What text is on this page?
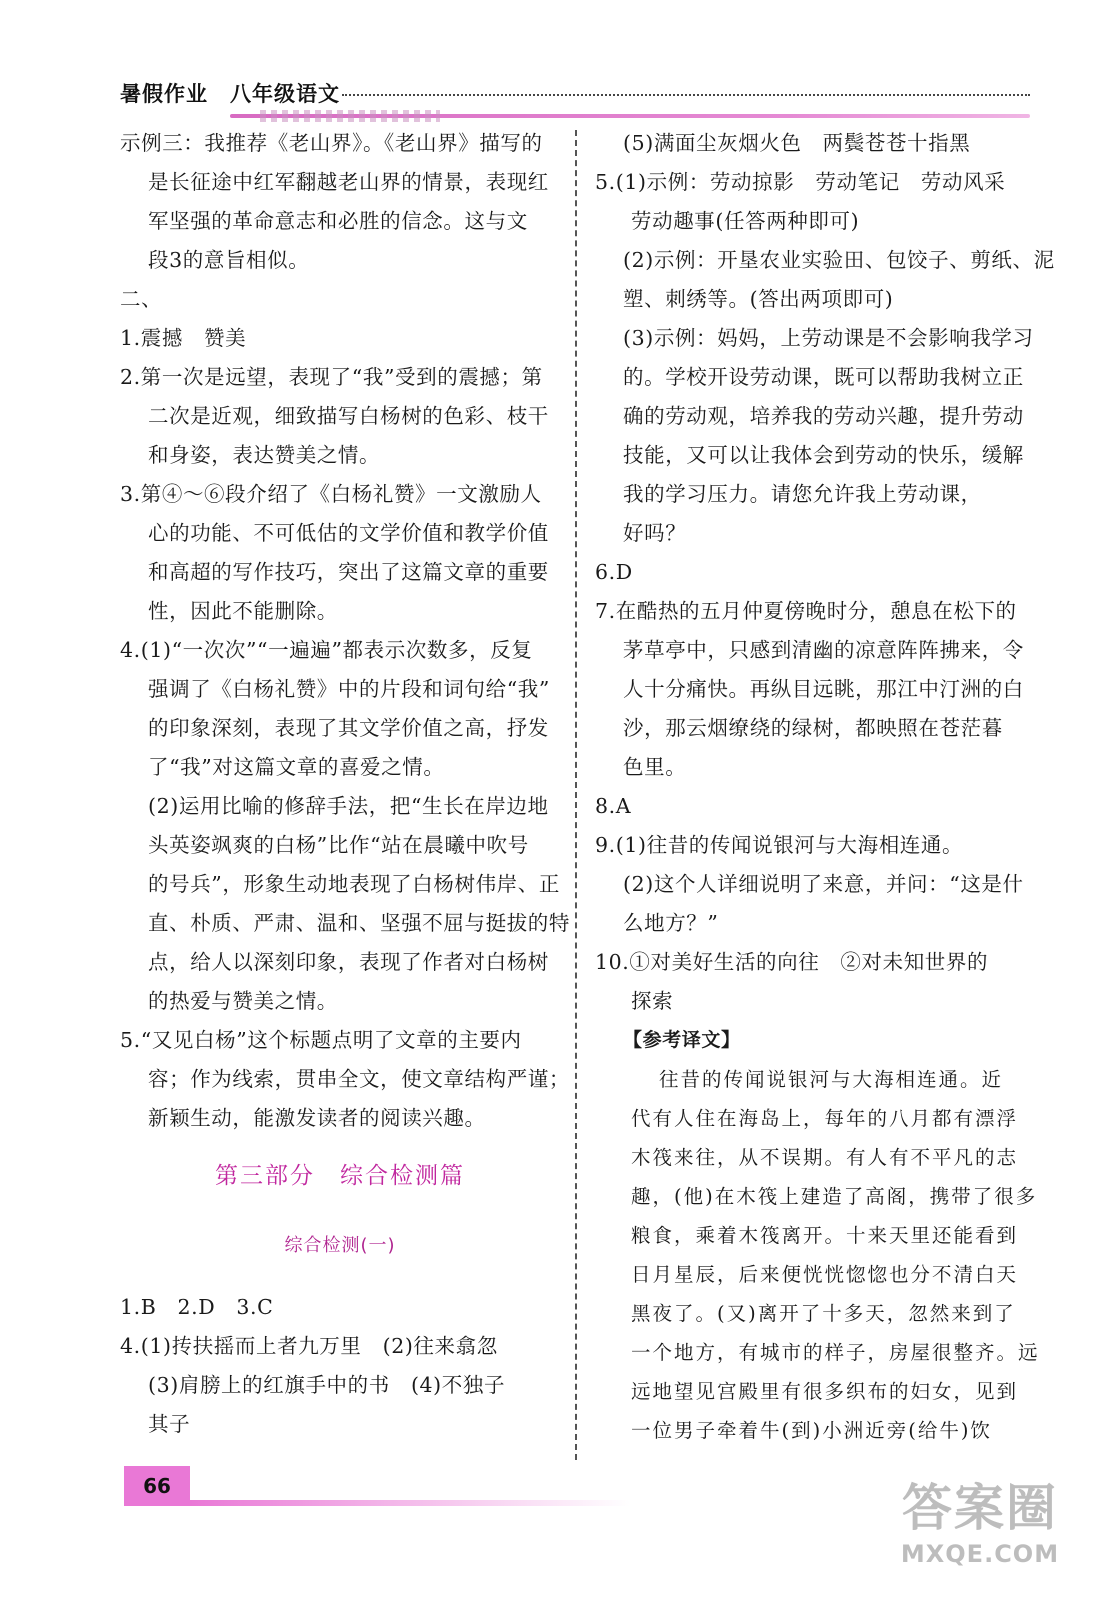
暑假作业　八年级语文
示例三：我推荐《老山界》。《老山界》描写的
是长征途中红军翻越老山界的情景，表现红
军坚强的革命意志和必胜的信念。这与文
段3的意旨相似。
二、
1.震撼　赞美
2.第一次是远望，表现了“我”受到的震撼；第
二次是近观，细致描写白杨树的色彩、枝干
和身姿，表达赞美之情。
3.第④～⑥段介绍了《白杨礼赞》一文激励人
心的功能、不可低估的文学价值和教学价值
和高超的写作技巧，突出了这篇文章的重要
性，因此不能删除。
4.(1)“一次次”“一遍遍”都表示次数多，反复
强调了《白杨礼赞》中的片段和词句给“我”
的印象深刻，表现了其文学价值之高，抒发
了“我”对这篇文章的喜爱之情。
(2)运用比喻的修辞手法，把“生长在岸边地
头英姿飒爽的白杨”比作“站在晨曦中吹号
的号兵”，形象生动地表现了白杨树伟岸、正
直、朴质、严肃、温和、坚强不屈与挺拔的特
点，给人以深刻印象，表现了作者对白杨树
的热爱与赞美之情。
5.“又见白杨”这个标题点明了文章的主要内
容；作为线索，贯串全文，使文章结构严谨；
新颖生动，能激发读者的阅读兴趣。
第三部分　综合检测篇
综合检测(一)
1.B　2.D　3.C
4.(1)抟扶摇而上者九万里　(2)往来翕忽
(3)肩膀上的红旗手中的书　(4)不独子
其子
(5)满面尘灰烟火色　两鬓苍苍十指黑
5.(1)示例：劳动掠影　劳动笔记　劳动风采
劳动趣事(任答两种即可)
(2)示例：开垦农业实验田、包饺子、剪纸、泥
塑、刺绣等。(答出两项即可)
(3)示例：妈妈，上劳动课是不会影响我学习
的。学校开设劳动课，既可以帮助我树立正
确的劳动观，培养我的劳动兴趣，提升劳动
技能，又可以让我体会到劳动的快乐，缓解
我的学习压力。请您允许我上劳动课，
好吗？
6.D
7.在酷热的五月仲夏傍晚时分，憩息在松下的
茅草亭中，只感到清幽的凉意阵阵拂来，令
人十分痛快。再纵目远眺，那江中汀洲的白
沙，那云烟缭绕的绿树，都映照在苍茫暮
色里。
8.A
9.(1)往昔的传闻说银河与大海相连通。
(2)这个人详细说明了来意，并问：“这是什
么地方？”
10.①对美好生活的向往　②对未知世界的
探索
【参考译文】
往昔的传闻说银河与大海相连通。近
代有人住在海岛上，每年的八月都有漂浮
木筏来往，从不误期。有人有不平凡的志
趣，(他)在木筏上建造了高阁，携带了很多
粮食，乘着木筏离开。十来天里还能看到
日月星辰，后来便恍恍惚惚也分不清白天
黑夜了。(又)离开了十多天，忽然来到了
一个地方，有城市的样子，房屋很整齐。远
远地望见宫殿里有很多织布的妇女，见到
一位男子牵着牛(到)小洲近旁(给牛)饮
66	答案圈
MXQE.COM
